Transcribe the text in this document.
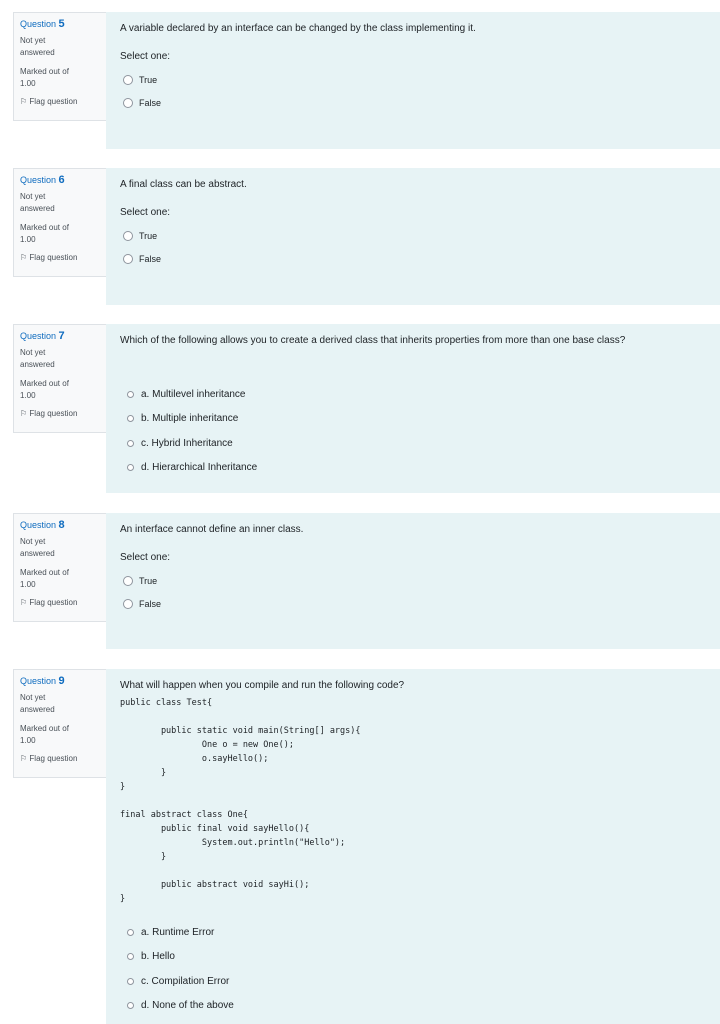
Question 5
Not yet
answered
Marked out of
1.00
⚐ Flag question
A variable declared by an interface can be changed by the class implementing it.
Select one:
True
False
Question 6
Not yet
answered
Marked out of
1.00
⚐ Flag question
A final class can be abstract.
Select one:
True
False
Question 7
Not yet
answered
Marked out of
1.00
⚐ Flag question
Which of the following allows you to create a derived class that inherits properties from more than one base class?
a. Multilevel inheritance
b. Multiple inheritance
c. Hybrid Inheritance
d. Hierarchical Inheritance
Question 8
Not yet
answered
Marked out of
1.00
⚐ Flag question
An interface cannot define an inner class.
Select one:
True
False
Question 9
Not yet
answered
Marked out of
1.00
⚐ Flag question
What will happen when you compile and run the following code?
public class Test{

public static void main(String[] args){
One o = new One();
o.sayHello();
}
}

final abstract class One{
public final void sayHello(){
System.out.println("Hello");
}

public abstract void sayHi();
}
a. Runtime Error
b. Hello
c. Compilation Error
d. None of the above
